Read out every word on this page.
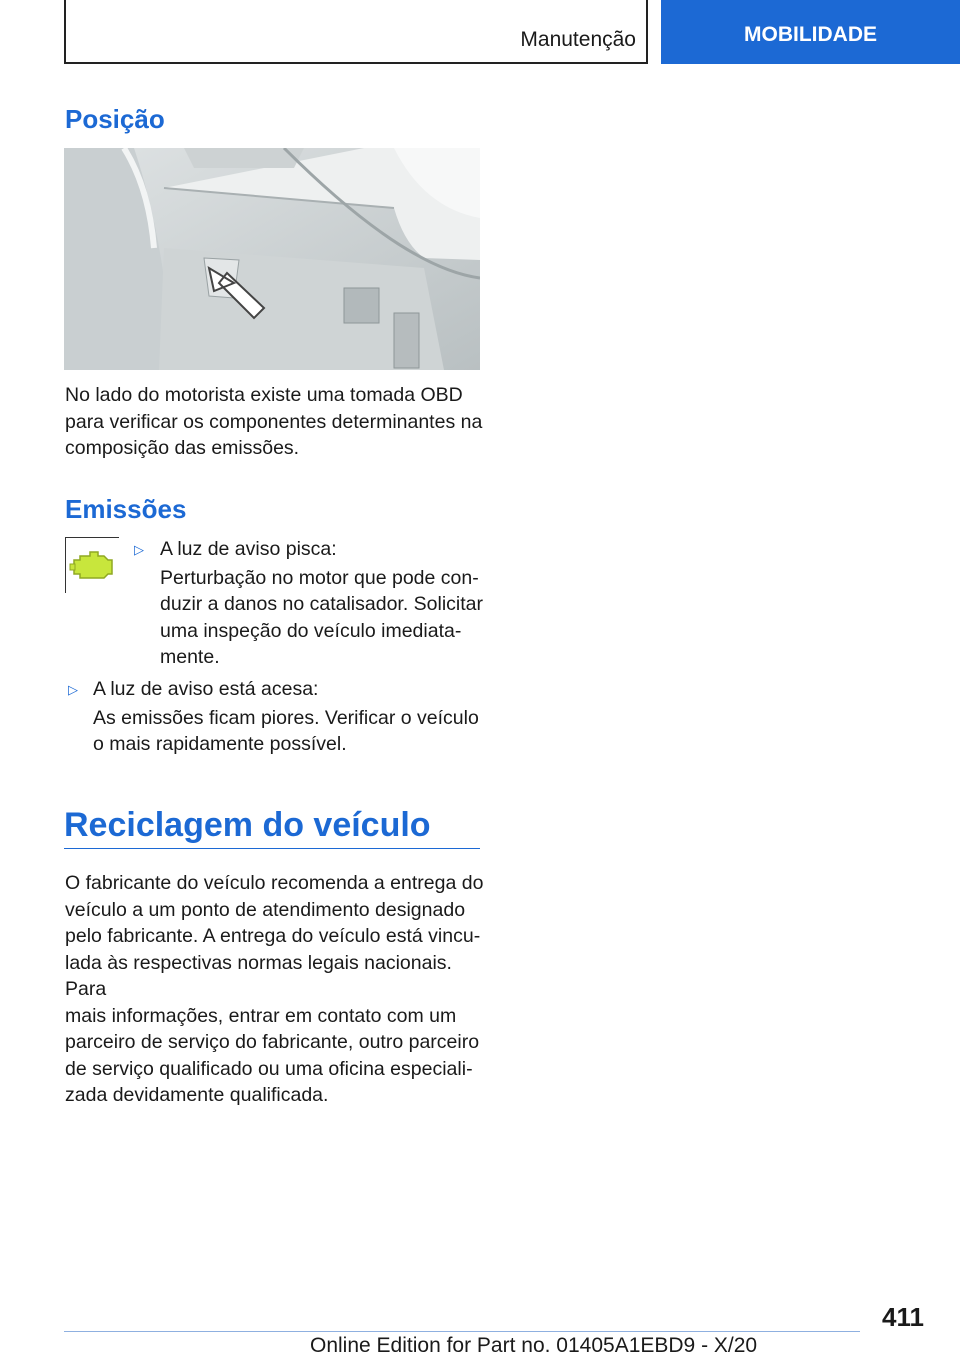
Manutenção	MOBILIDADE
Posição
No lado do motorista existe uma tomada OBD
para verificar os componentes determinantes na
composição das emissões.
Emissões
▷ A luz de aviso pisca:
Perturbação no motor que pode con-
duzir a danos no catalisador. Solicitar
uma inspeção do veículo imediata-
mente.
▷ A luz de aviso está acesa:
As emissões ficam piores. Verificar o veículo
o mais rapidamente possível.
Reciclagem do veículo
O fabricante do veículo recomenda a entrega do
veículo a um ponto de atendimento designado
pelo fabricante. A entrega do veículo está vincu-
lada às respectivas normas legais nacionais. Para
mais informações, entrar em contato com um
parceiro de serviço do fabricante, outro parceiro
de serviço qualificado ou uma oficina especiali-
zada devidamente qualificada.
411
Online Edition for Part no. 01405A1EBD9 - X/20
